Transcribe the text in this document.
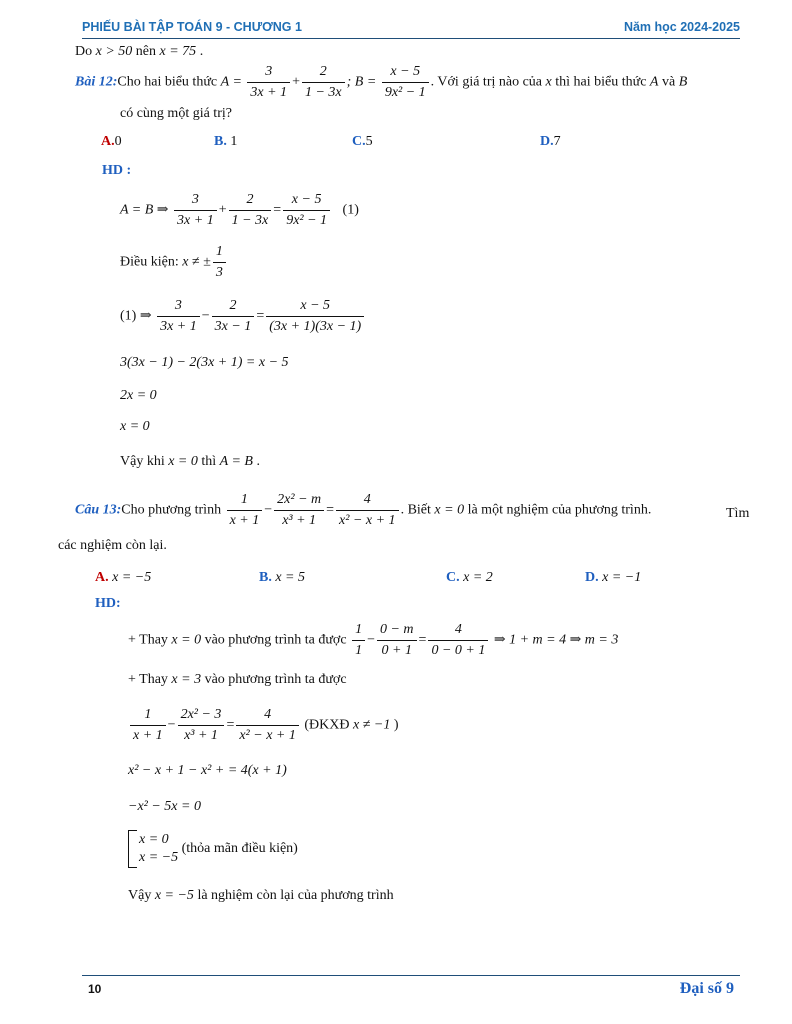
PHIẾU BÀI TẬP TOÁN 9 - CHƯƠNG 1	Năm học 2024-2025
Do x > 50 nên x = 75 .
Bài 12:Cho hai biểu thức $A = \frac{3}{3x + 1} + \frac{2}{1 - 3x}$ ; $B = \frac{x - 5}{\text{9x² − 1}}$ . Với giá trị nào của x thì hai biểu thức A và B
có cùng một giá trị?
A.0	B. 1	C.5	D.7
HD :
A = B ⇒ $\frac{3}{3x + 1} + \frac{2}{1 - 3x} = \frac{x - 5}{\text{9x² − 1}} (1)$
Điều kiện: x ≠ ± $\frac{1}{3}$
(1) ⇒ $\frac{3}{3x + 1} - \frac{2}{3x - 1} = \frac{x - 5}{(3x + 1)(3x - 1)}$
3(3x − 1) − 2(3x + 1) = x − 5
2x = 0
x = 0
Vậy khi x = 0 thì A = B .
Câu 13:Cho phương trình $\frac{1}{x + 1} - \frac{\text{2x² − m}}{\text{x³ + 1}} = \frac{4}{\text{x² − x + 1}}$ . Biết x = 0 là một nghiệm của phương trình.	Tìm
các nghiệm còn lại.
A. x = −5	B. x = 5	C. x = 2	D. x = −1
HD:
+ Thay x = 0 vào phương trình ta được $\frac{1}{1} - \frac{0 - m}{0 + 1} = \frac{4}{0 - 0 + 1}$ ⇒ 1 + m = 4 ⇒ m = 3
+ Thay x = 3 vào phương trình ta được
$\frac{1}{x + 1} - \frac{\text{2x² − 3}}{\text{x³ + 1}} = \frac{4}{\text{x² − x + 1}}$ (ĐKXĐ x ≠ −1 )
x² − x + 1 − x² + = 4(x + 1)
−x² − 5x = 0
x = 0
x = −5
(thỏa mãn điều kiện)
Vậy x = −5 là nghiệm còn lại của phương trình
10	Đại số 9
